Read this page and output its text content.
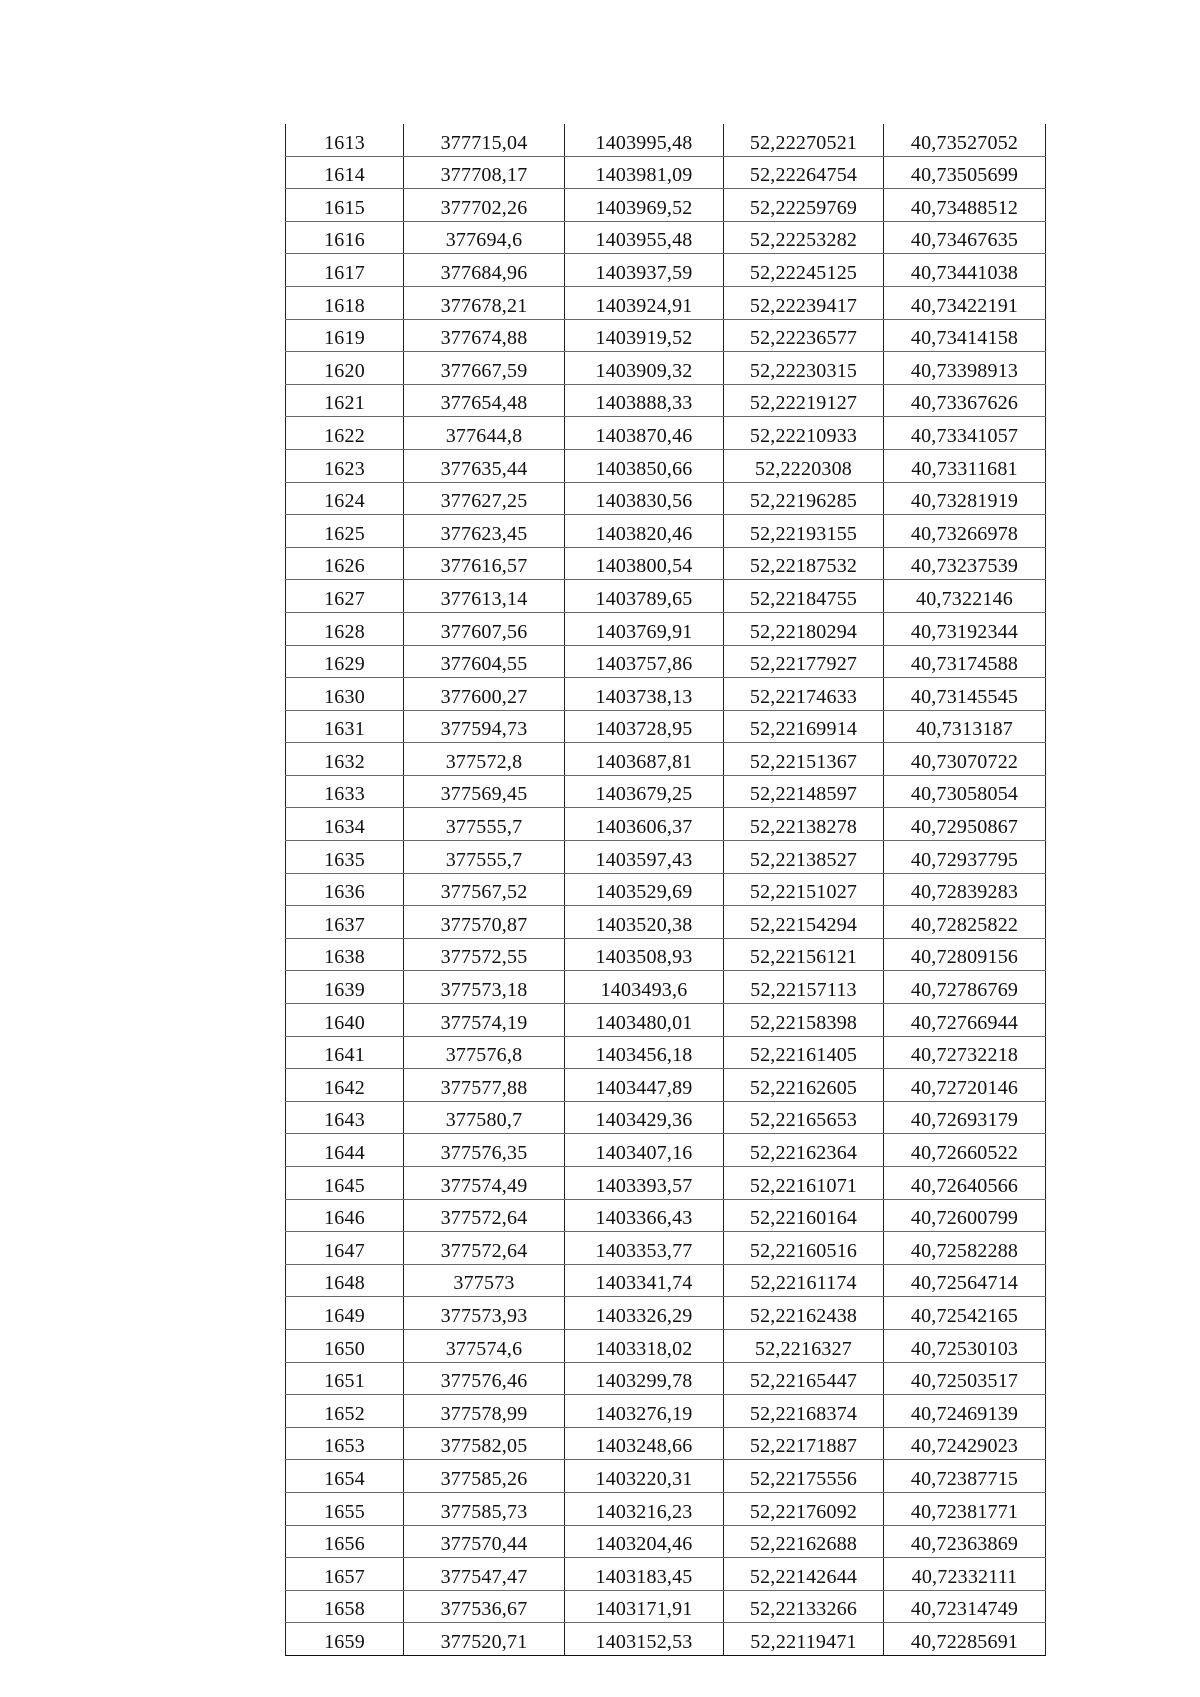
1613	377715,04	1403995,48	52,22270521	40,73527052
1614	377708,17	1403981,09	52,22264754	40,73505699
1615	377702,26	1403969,52	52,22259769	40,73488512
1616	377694,6	1403955,48	52,22253282	40,73467635
1617	377684,96	1403937,59	52,22245125	40,73441038
1618	377678,21	1403924,91	52,22239417	40,73422191
1619	377674,88	1403919,52	52,22236577	40,73414158
1620	377667,59	1403909,32	52,22230315	40,73398913
1621	377654,48	1403888,33	52,22219127	40,73367626
1622	377644,8	1403870,46	52,22210933	40,73341057
1623	377635,44	1403850,66	52,2220308	40,73311681
1624	377627,25	1403830,56	52,22196285	40,73281919
1625	377623,45	1403820,46	52,22193155	40,73266978
1626	377616,57	1403800,54	52,22187532	40,73237539
1627	377613,14	1403789,65	52,22184755	40,7322146
1628	377607,56	1403769,91	52,22180294	40,73192344
1629	377604,55	1403757,86	52,22177927	40,73174588
1630	377600,27	1403738,13	52,22174633	40,73145545
1631	377594,73	1403728,95	52,22169914	40,7313187
1632	377572,8	1403687,81	52,22151367	40,73070722
1633	377569,45	1403679,25	52,22148597	40,73058054
1634	377555,7	1403606,37	52,22138278	40,72950867
1635	377555,7	1403597,43	52,22138527	40,72937795
1636	377567,52	1403529,69	52,22151027	40,72839283
1637	377570,87	1403520,38	52,22154294	40,72825822
1638	377572,55	1403508,93	52,22156121	40,72809156
1639	377573,18	1403493,6	52,22157113	40,72786769
1640	377574,19	1403480,01	52,22158398	40,72766944
1641	377576,8	1403456,18	52,22161405	40,72732218
1642	377577,88	1403447,89	52,22162605	40,72720146
1643	377580,7	1403429,36	52,22165653	40,72693179
1644	377576,35	1403407,16	52,22162364	40,72660522
1645	377574,49	1403393,57	52,22161071	40,72640566
1646	377572,64	1403366,43	52,22160164	40,72600799
1647	377572,64	1403353,77	52,22160516	40,72582288
1648	377573	1403341,74	52,22161174	40,72564714
1649	377573,93	1403326,29	52,22162438	40,72542165
1650	377574,6	1403318,02	52,2216327	40,72530103
1651	377576,46	1403299,78	52,22165447	40,72503517
1652	377578,99	1403276,19	52,22168374	40,72469139
1653	377582,05	1403248,66	52,22171887	40,72429023
1654	377585,26	1403220,31	52,22175556	40,72387715
1655	377585,73	1403216,23	52,22176092	40,72381771
1656	377570,44	1403204,46	52,22162688	40,72363869
1657	377547,47	1403183,45	52,22142644	40,72332111
1658	377536,67	1403171,91	52,22133266	40,72314749
1659	377520,71	1403152,53	52,22119471	40,72285691
